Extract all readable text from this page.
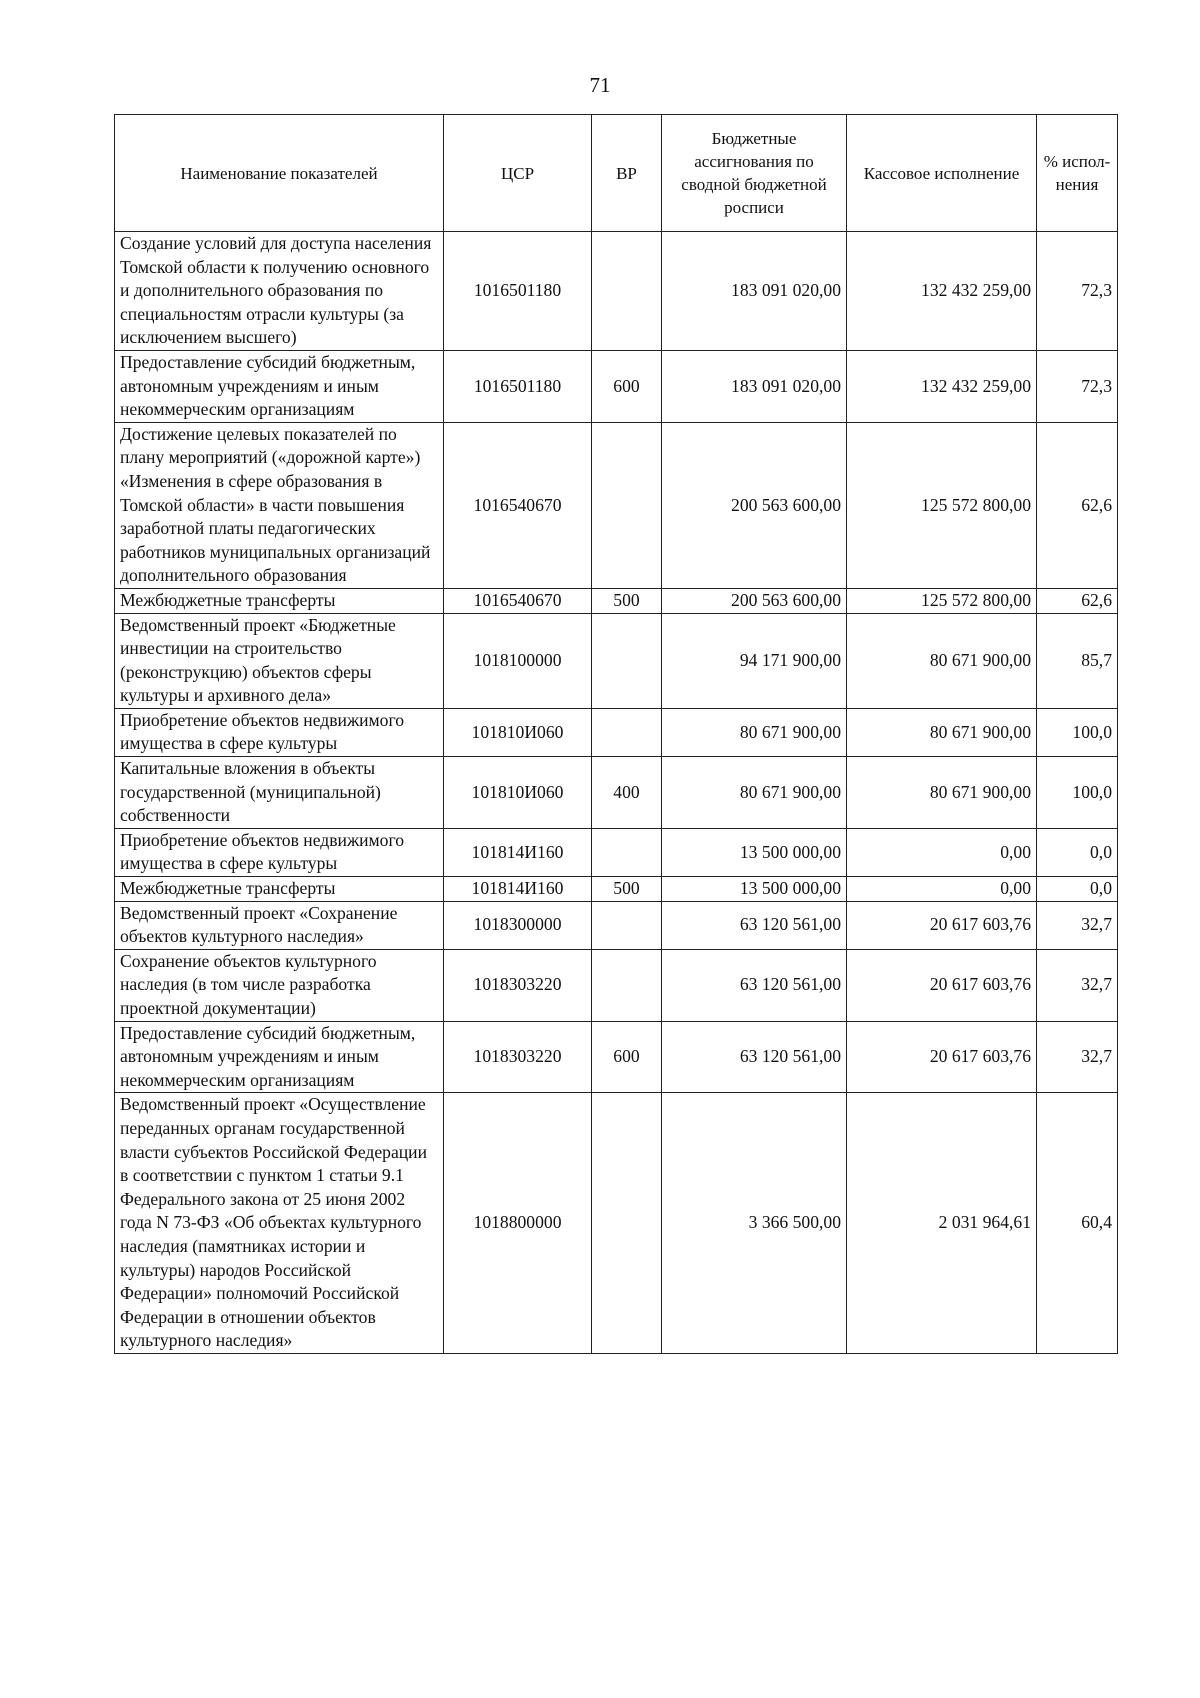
71
Наименование показателей	ЦСР	ВР	Бюджетные ассигнования по сводной бюджетной росписи	Кассовое исполнение	% испол-нения
Создание условий для доступа населения Томской области к получению основного и дополнительного образования по специальностям отрасли культуры (за исключением высшего)	1016501180		183 091 020,00	132 432 259,00	72,3
Предоставление субсидий бюджетным, автономным учреждениям и иным некоммерческим организациям	1016501180	600	183 091 020,00	132 432 259,00	72,3
Достижение целевых показателей по плану мероприятий («дорожной карте») «Изменения в сфере образования в Томской области» в части повышения заработной платы педагогических работников муниципальных организаций дополнительного образования	1016540670		200 563 600,00	125 572 800,00	62,6
Межбюджетные трансферты	1016540670	500	200 563 600,00	125 572 800,00	62,6
Ведомственный проект «Бюджетные инвестиции на строительство (реконструкцию) объектов сферы культуры и архивного дела»	1018100000		94 171 900,00	80 671 900,00	85,7
Приобретение объектов недвижимого имущества в сфере культуры	101810И060		80 671 900,00	80 671 900,00	100,0
Капитальные вложения в объекты государственной (муниципальной) собственности	101810И060	400	80 671 900,00	80 671 900,00	100,0
Приобретение объектов недвижимого имущества в сфере культуры	101814И160		13 500 000,00	0,00	0,0
Межбюджетные трансферты	101814И160	500	13 500 000,00	0,00	0,0
Ведомственный проект «Сохранение объектов культурного наследия»	1018300000		63 120 561,00	20 617 603,76	32,7
Сохранение объектов культурного наследия (в том числе разработка проектной документации)	1018303220		63 120 561,00	20 617 603,76	32,7
Предоставление субсидий бюджетным, автономным учреждениям и иным некоммерческим организациям	1018303220	600	63 120 561,00	20 617 603,76	32,7
Ведомственный проект «Осуществление переданных органам государственной власти субъектов Российской Федерации в соответствии с пунктом 1 статьи 9.1 Федерального закона от 25 июня 2002 года N 73-ФЗ «Об объектах культурного наследия (памятниках истории и культуры) народов Российской Федерации» полномочий Российской Федерации в отношении объектов культурного наследия»	1018800000		3 366 500,00	2 031 964,61	60,4
